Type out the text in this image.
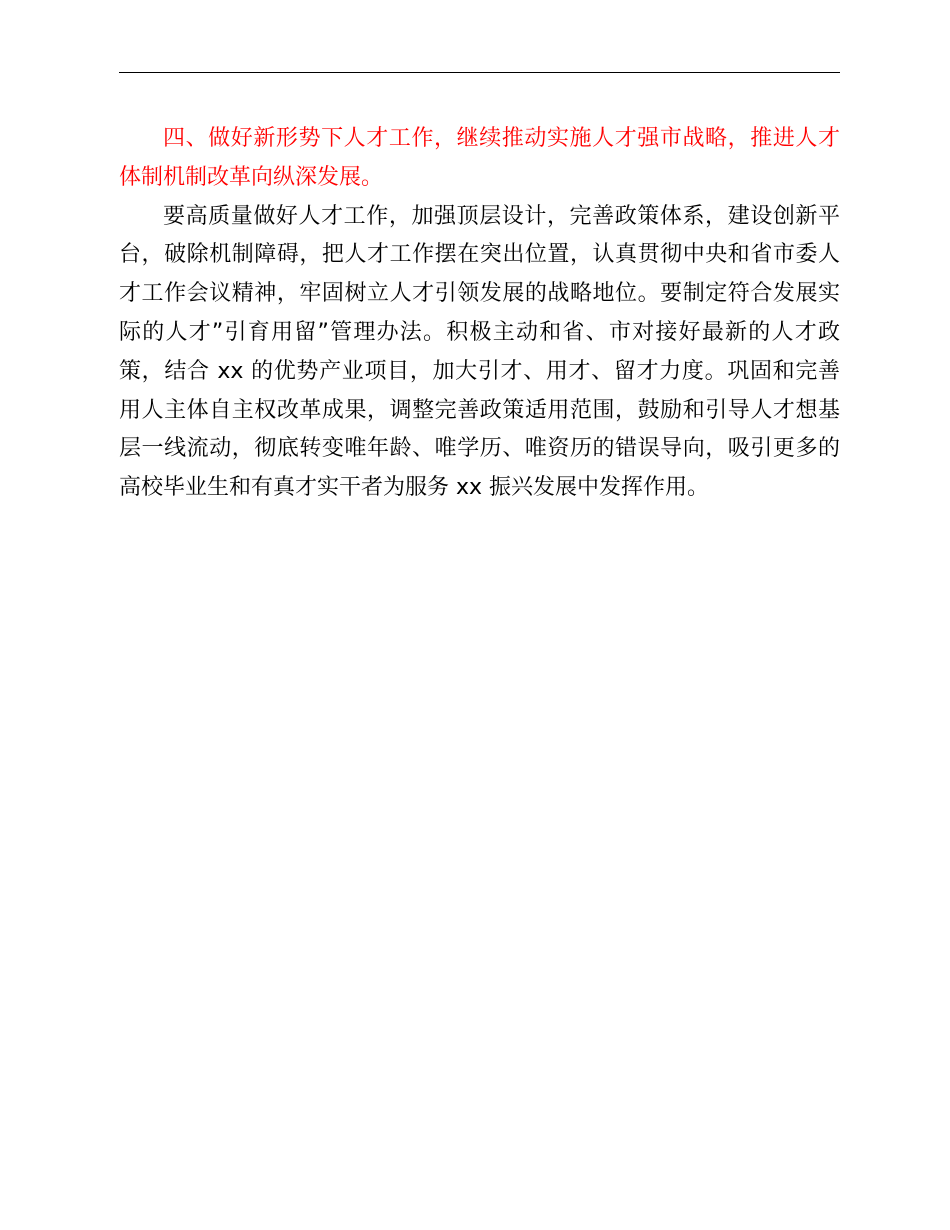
四、做好新形势下人才工作，继续推动实施人才强市战略，推进人才体制机制改革向纵深发展。

要高质量做好人才工作，加强顶层设计，完善政策体系，建设创新平台，破除机制障碍，把人才工作摆在突出位置，认真贯彻中央和省市委人才工作会议精神，牢固树立人才引领发展的战略地位。要制定符合发展实际的人才”引育用留”管理办法。积极主动和省、市对接好最新的人才政策，结合 xx 的优势产业项目，加大引才、用才、留才力度。巩固和完善用人主体自主权改革成果，调整完善政策适用范围，鼓励和引导人才想基层一线流动，彻底转变唯年龄、唯学历、唯资历的错误导向，吸引更多的高校毕业生和有真才实干者为服务 xx 振兴发展中发挥作用。
